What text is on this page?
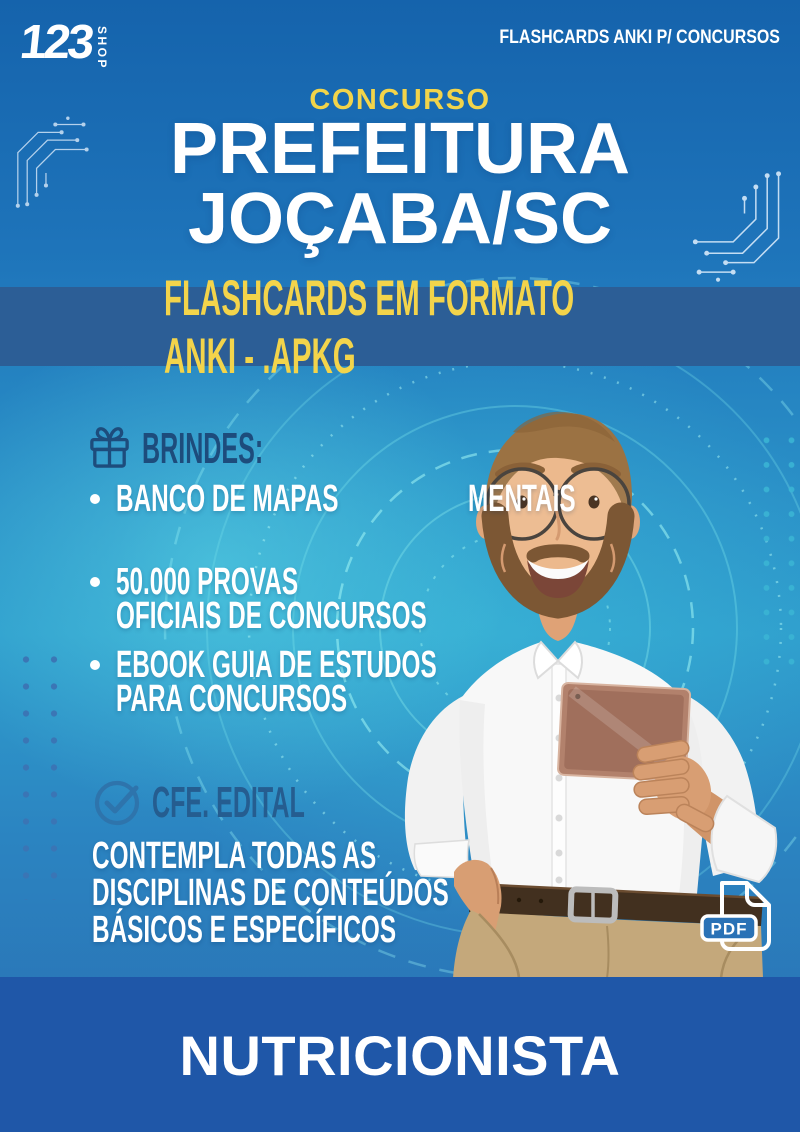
123 SHOP	FLASHCARDS ANKI P/ CONCURSOS
CONCURSO
PREFEITURA
JOÇABA/SC
FLASHCARDS EM FORMATO ANKI - .APKG
BRINDES:
BANCO DE MAPAS	MENTAIS
50.000 PROVAS OFICIAIS DE CONCURSOS
EBOOK GUIA DE ESTUDOS PARA CONCURSOS
CFE. EDITAL
CONTEMPLA TODAS AS DISCIPLINAS DE CONTEÚDOS BÁSICOS E ESPECÍFICOS	PDF
NUTRICIONISTA
